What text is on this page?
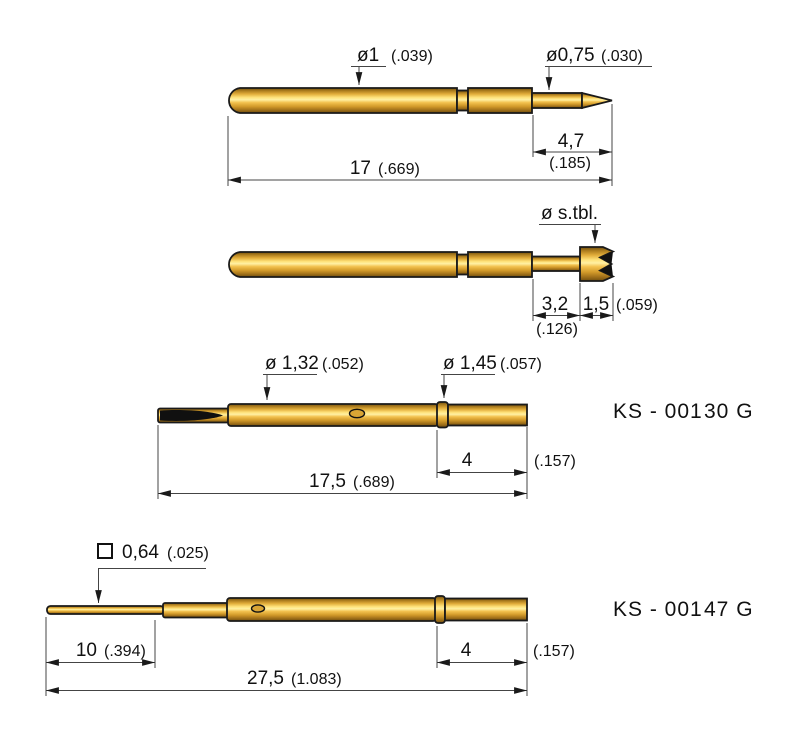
ø1 (.039)	ø0,75 (.030)
4,7
(.185)
17 (.669)
ø s.tbl.
3,2
(.126)
1,5 (.059)
ø 1,32 (.052)	ø 1,45 (.057)
4	(.157)
17,5 (.689)
KS - 001 30 G
0,64 (.025)
10 (.394)	4	(.157)
27,5 (1.083)
KS - 001 47 G
